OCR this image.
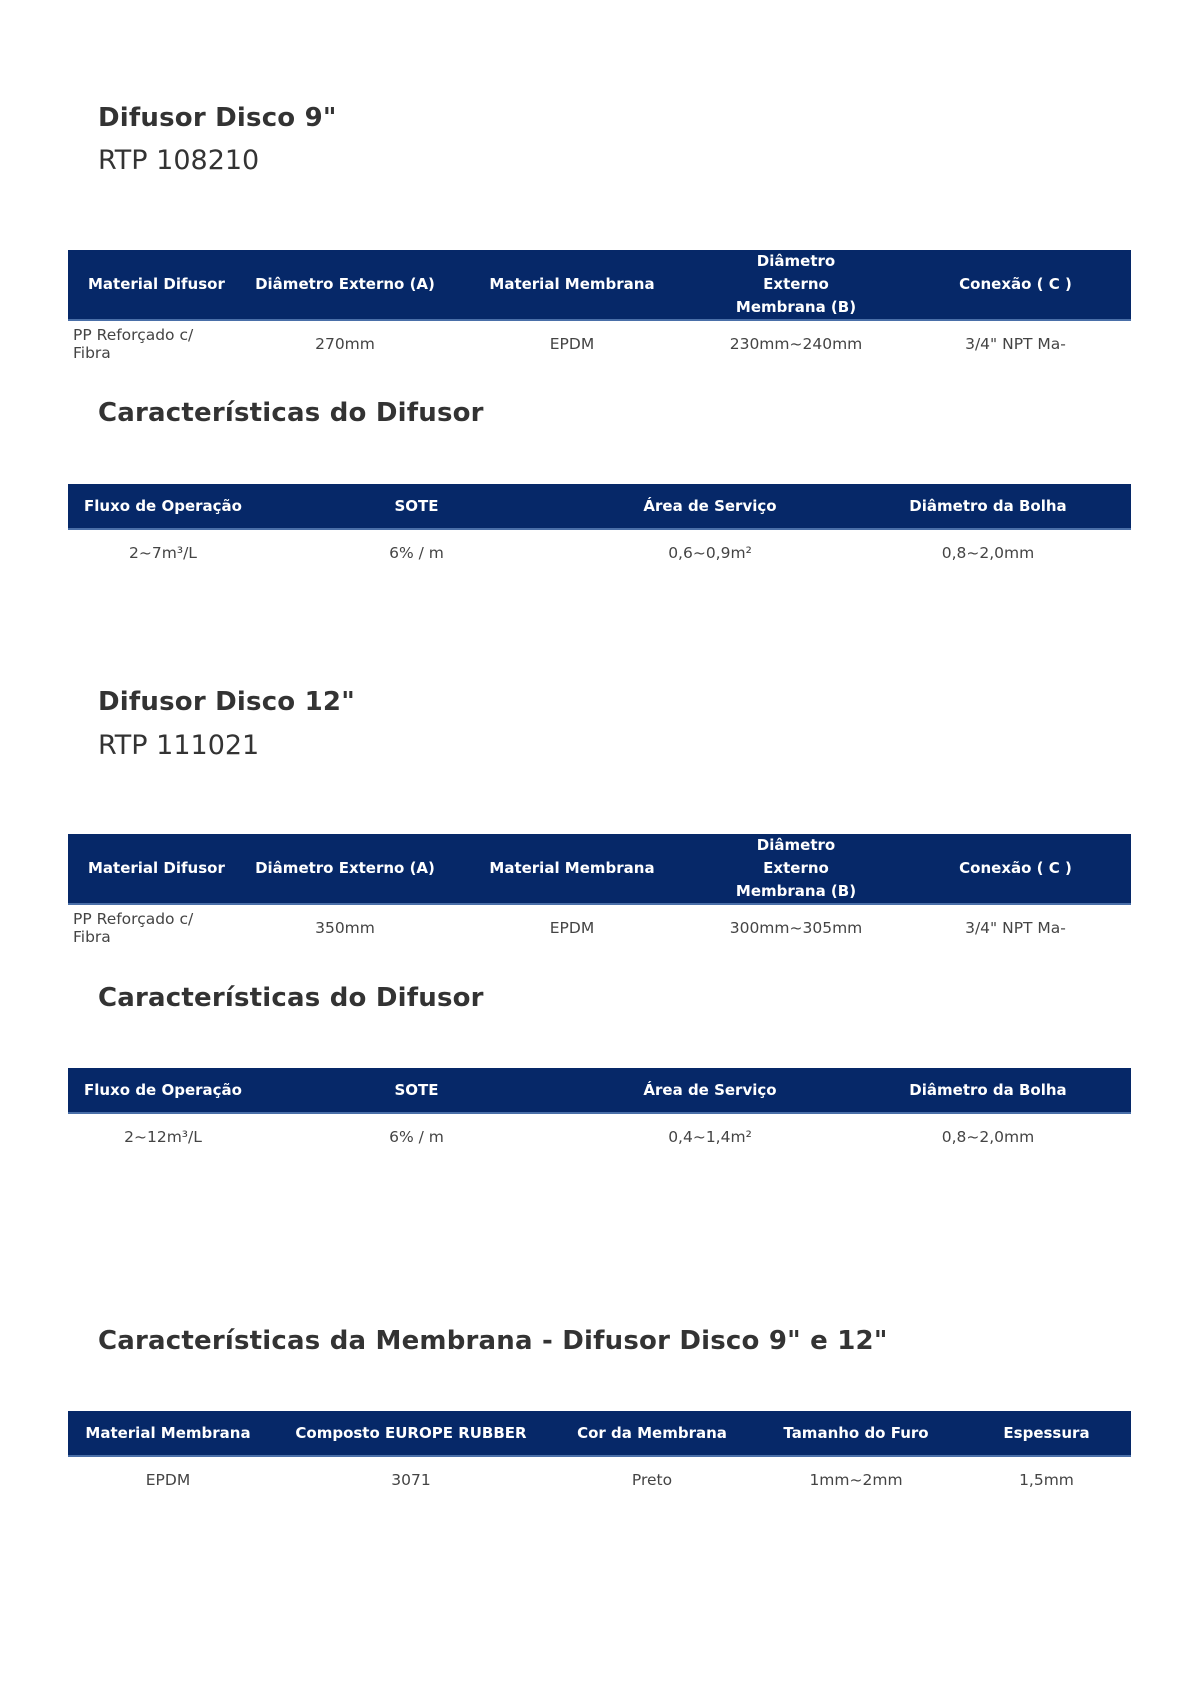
Difusor Disco 9"
RTP 108210
Material Difusor	Diâmetro Externo (A)	Material Membrana	Diâmetro Externo Membrana (B)	Conexão ( C )
PP Reforçado c/ Fibra	270mm	EPDM	230mm~240mm	3/4" NPT Ma-
Características do Difusor
Fluxo de Operação	SOTE	Área de Serviço	Diâmetro da Bolha
2~7m³/L	6% / m	0,6~0,9m²	0,8~2,0mm
Difusor Disco 12"
RTP 111021
Material Difusor	Diâmetro Externo (A)	Material Membrana	Diâmetro Externo Membrana (B)	Conexão ( C )
PP Reforçado c/ Fibra	350mm	EPDM	300mm~305mm	3/4" NPT Ma-
Características do Difusor
Fluxo de Operação	SOTE	Área de Serviço	Diâmetro da Bolha
2~12m³/L	6% / m	0,4~1,4m²	0,8~2,0mm
Características da Membrana - Difusor Disco 9" e 12"
Material Membrana	Composto EUROPE RUBBER	Cor da Membrana	Tamanho do Furo	Espessura
EPDM	3071	Preto	1mm~2mm	1,5mm
